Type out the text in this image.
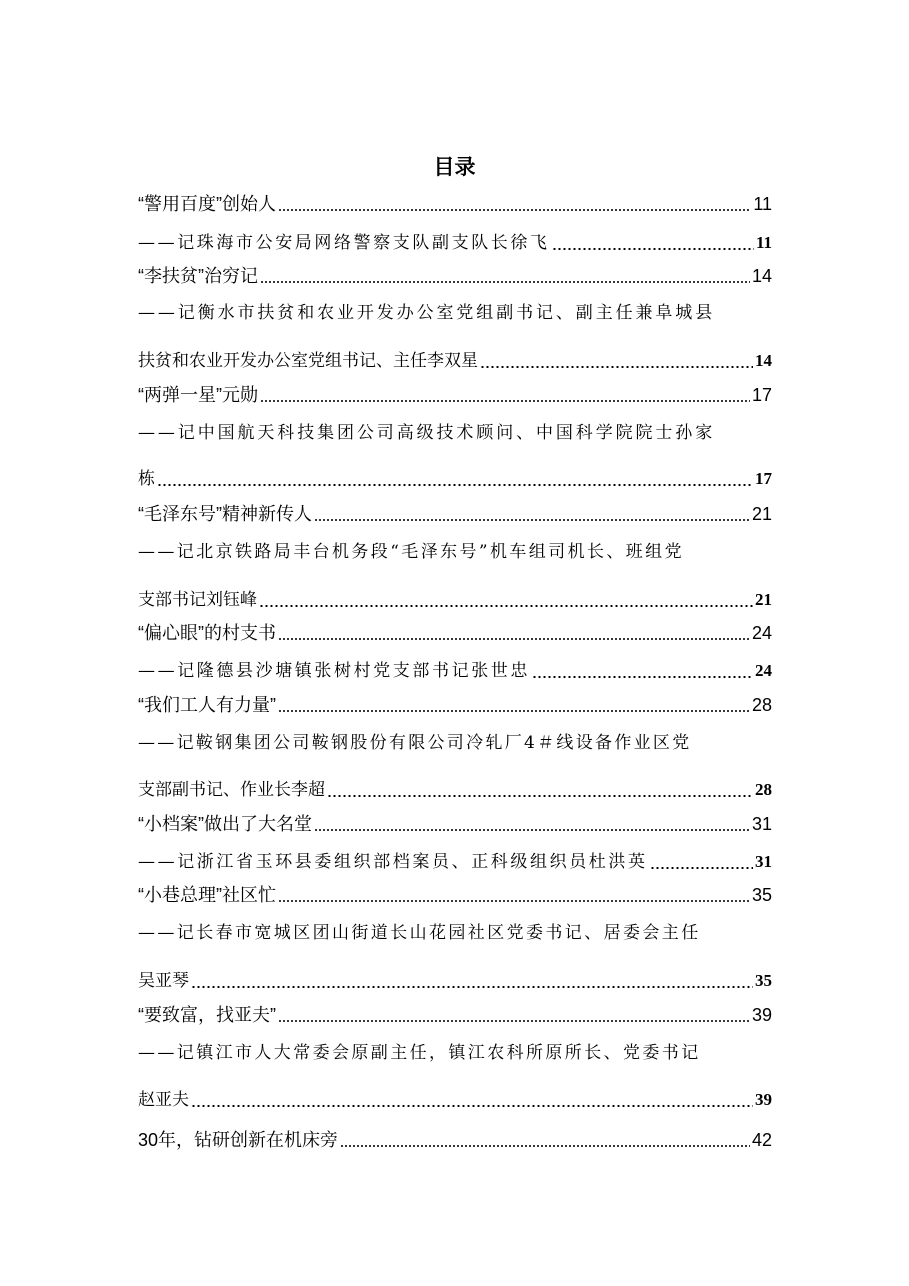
目录
“警用百度”创始人	11
——记珠海市公安局网络警察支队副支队长徐飞	11
“李扶贫”治穷记	14
——记衡水市扶贫和农业开发办公室党组副书记、副主任兼阜城县
扶贫和农业开发办公室党组书记、主任李双星	14
“两弹一星”元勋	17
——记中国航天科技集团公司高级技术顾问、中国科学院院士孙家
栋	17
“毛泽东号”精神新传人	21
——记北京铁路局丰台机务段“毛泽东号”机车组司机长、班组党
支部书记刘钰峰	21
“偏心眼”的村支书	24
——记隆德县沙塘镇张树村党支部书记张世忠	24
“我们工人有力量”	28
——记鞍钢集团公司鞍钢股份有限公司冷轧厂4＃线设备作业区党
支部副书记、作业长李超	28
“小档案”做出了大名堂	31
——记浙江省玉环县委组织部档案员、正科级组织员杜洪英	31
“小巷总理”社区忙	35
——记长春市宽城区团山街道长山花园社区党委书记、居委会主任
吴亚琴	35
“要致富，找亚夫”	39
——记镇江市人大常委会原副主任，镇江农科所原所长、党委书记
赵亚夫	39
30年，钻研创新在机床旁	42
